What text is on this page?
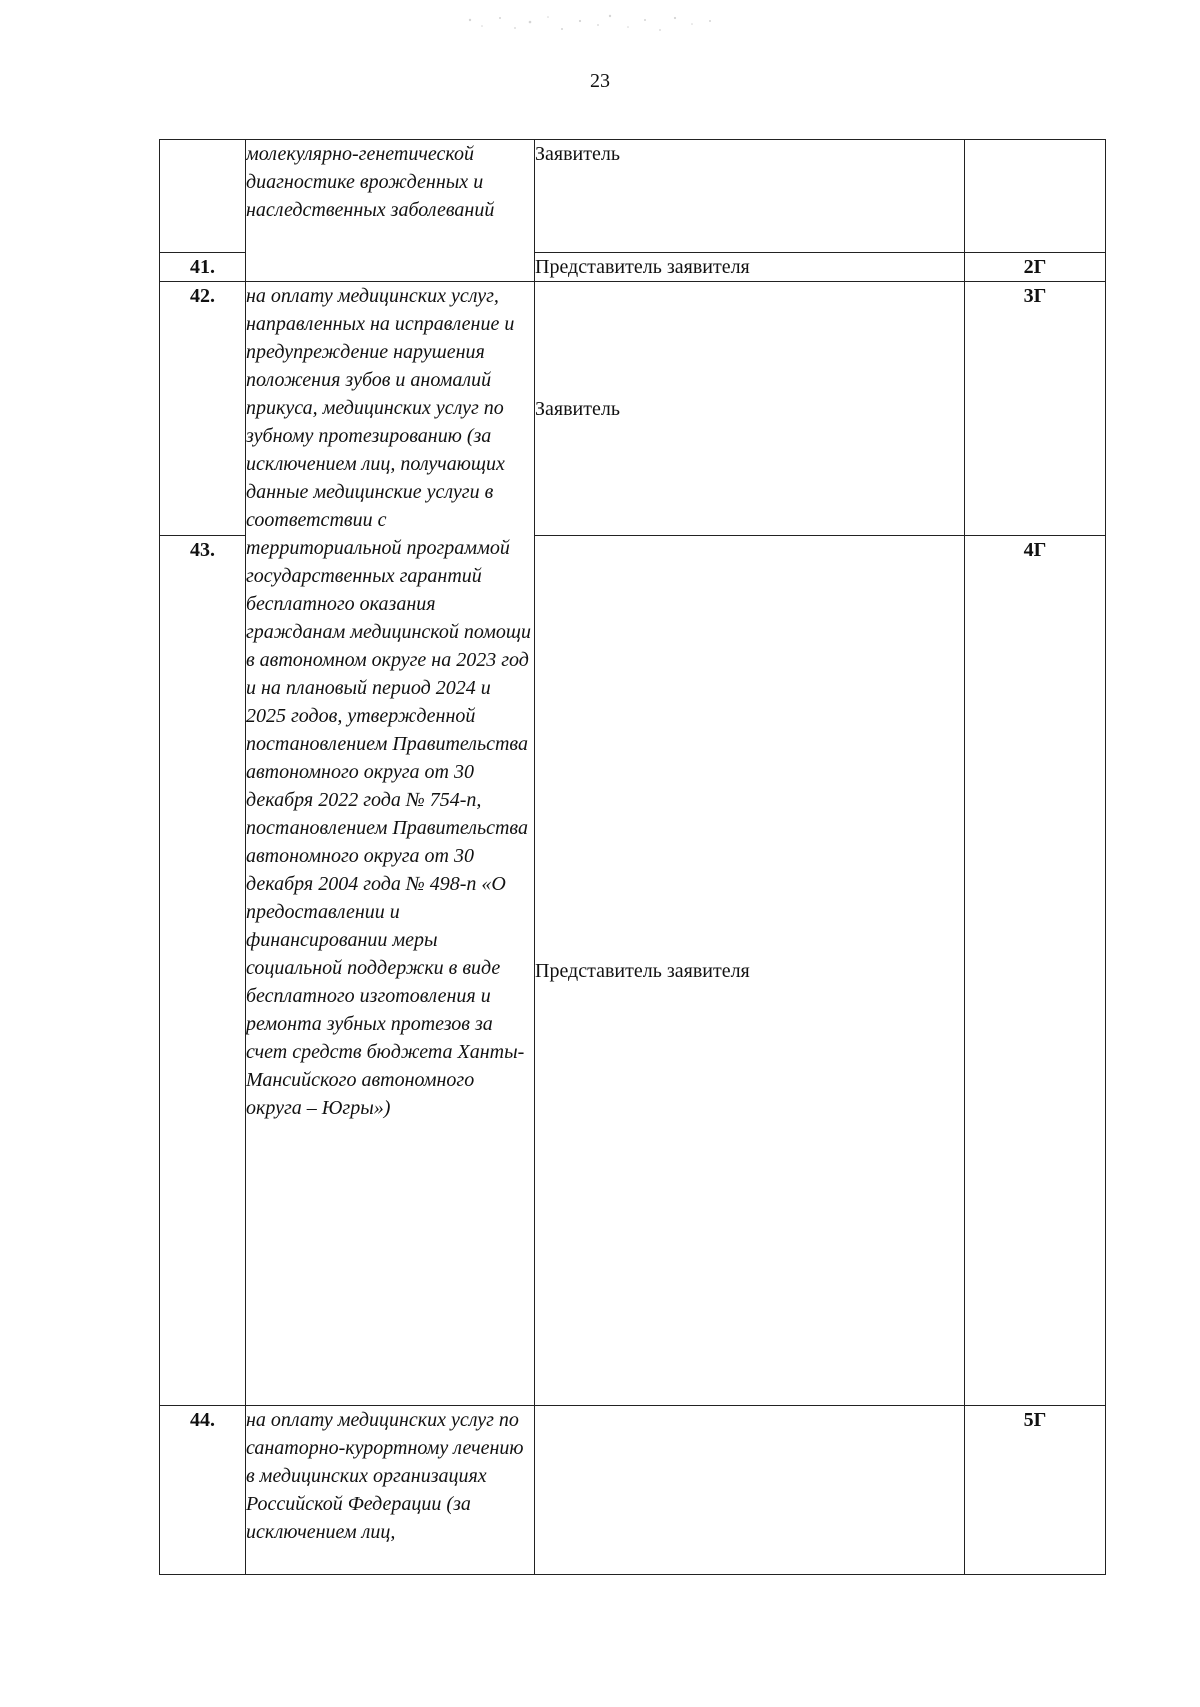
23
	молекулярно-генетической диагностике врожденных и наследственных заболеваний	Заявитель	
41.		Представитель заявителя	2Г
42.	на оплату медицинских услуг, направленных на исправление и предупреждение нарушения положения зубов и аномалий прикуса, медицинских услуг по зубному протезированию (за исключением лиц, получающих данные медицинские услуги в соответствии с территориальной программой государственных гарантий бесплатного оказания гражданам медицинской помощи в автономном округе на 2023 год и на плановый период 2024 и 2025 годов, утвержденной постановлением Правительства автономного округа от 30 декабря 2022 года № 754-п, постановлением Правительства автономного округа от 30 декабря 2004 года № 498-п «О предоставлении и финансировании меры социальной поддержки в виде бесплатного изготовления и ремонта зубных протезов за счет средств бюджета Ханты-Мансийского автономного округа – Югры»)	Заявитель	3Г
43.		Представитель заявителя	4Г
44.	на оплату медицинских услуг по санаторно-курортному лечению в медицинских организациях Российской Федерации (за исключением лиц,		5Г
